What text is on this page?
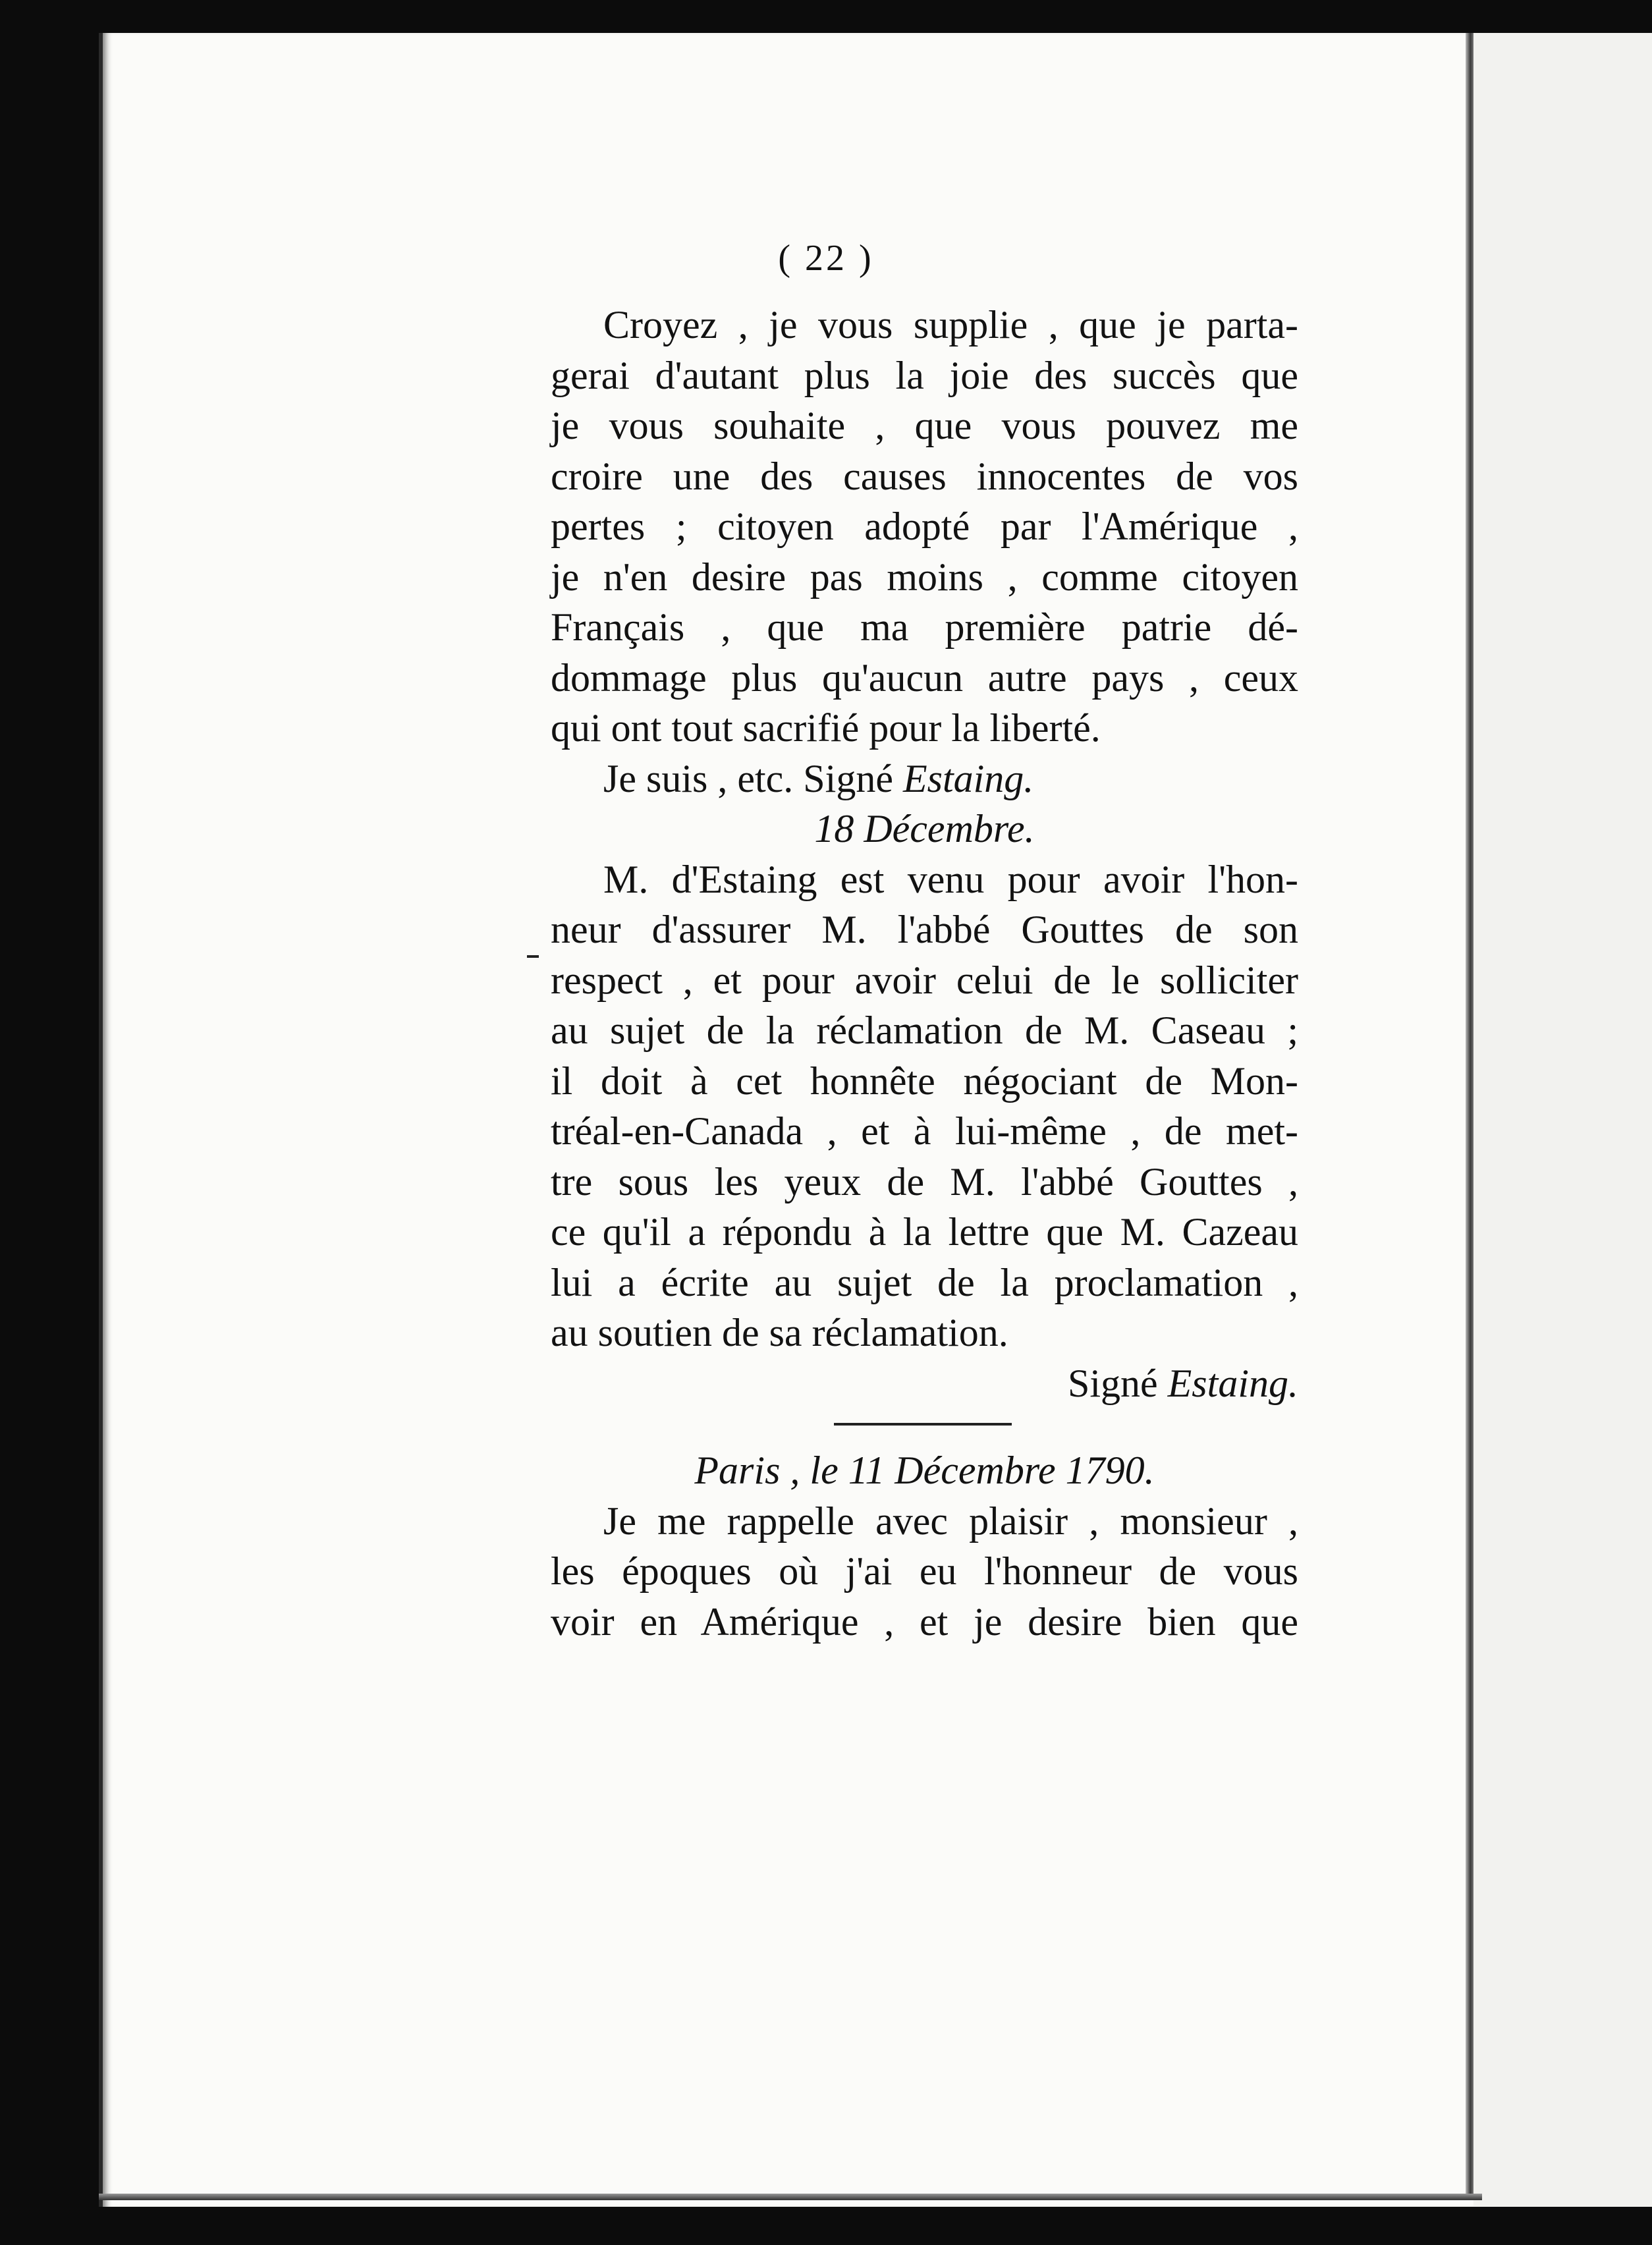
( 22 )
Croyez , je vous supplie , que je parta-
gerai d'autant plus la joie des succès que
je vous souhaite , que vous pouvez me
croire une des causes innocentes de vos
pertes ; citoyen adopté par l'Amérique ,
je n'en desire pas moins , comme citoyen
Français , que ma première patrie dé-
dommage plus qu'aucun autre pays , ceux
qui ont tout sacrifié pour la liberté.
Je suis , etc. Signé Estaing.
18 Décembre.
M. d'Estaing est venu pour avoir l'hon-
neur d'assurer M. l'abbé Gouttes de son
respect , et pour avoir celui de le solliciter
au sujet de la réclamation de M. Caseau ;
il doit à cet honnête négociant de Mon-
tréal-en-Canada , et à lui-même , de met-
tre sous les yeux de M. l'abbé Gouttes ,
ce qu'il a répondu à la lettre que M. Cazeau
lui a écrite au sujet de la proclamation ,
au soutien de sa réclamation.
Signé Estaing.
Paris , le 11 Décembre 1790.
Je me rappelle avec plaisir , monsieur ,
les époques où j'ai eu l'honneur de vous
voir en Amérique , et je desire bien que
